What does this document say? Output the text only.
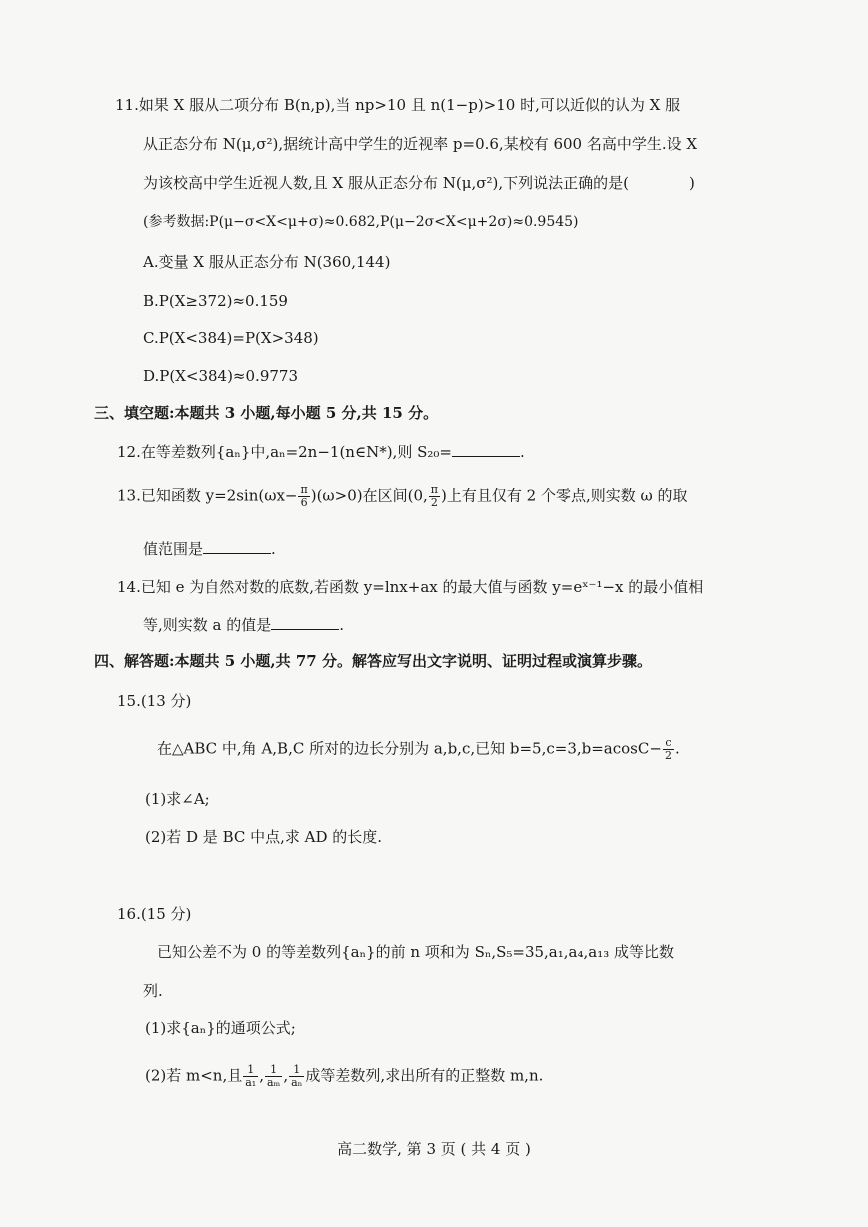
11.如果 X 服从二项分布 B(n,p),当 np>10 且 n(1−p)>10 时,可以近似的认为 X 服
从正态分布 N(μ,σ²),据统计高中学生的近视率 p=0.6,某校有 600 名高中学生.设 X
为该校高中学生近视人数,且 X 服从正态分布 N(μ,σ²),下列说法正确的是(　　　　)
(参考数据:P(μ−σ<X<μ+σ)≈0.682,P(μ−2σ<X<μ+2σ)≈0.9545)
A.变量 X 服从正态分布 N(360,144)
B.P(X≥372)≈0.159
C.P(X<384)=P(X>348)
D.P(X<384)≈0.9773
三、填空题:本题共 3 小题,每小题 5 分,共 15 分。
12.在等差数列{aₙ}中,aₙ=2n−1(n∈N*),则 S₂₀=	.
13.已知函数 $y=2\sin(\omega x- \frac{\pi}{6} )(\omega>0)$在区间(0, $\frac{\pi}{2}$ )上有且仅有 2 个零点,则实数 ω 的取
值范围是	.
14.已知 e 为自然对数的底数,若函数 y=lnx+ax 的最大值与函数 y=eˣ⁻¹−x 的最小值相
等,则实数 a 的值是	.
四、解答题:本题共 5 小题,共 77 分。解答应写出文字说明、证明过程或演算步骤。
15.(13 分)
在△ABC 中,角 A,B,C 所对的边长分别为 a,b,c,已知 $b=5,c=3,b=acosC- \frac{c}{2}$ .
(1)求∠A;
(2)若 D 是 BC 中点,求 AD 的长度.
16.(15 分)
已知公差不为 0 的等差数列{aₙ}的前 n 项和为 Sₙ,S₅=35,a₁,a₄,a₁₃ 成等比数
列.
(1)求{aₙ}的通项公式;
(2)若 m<n,且 $\frac{1}{\text{a₁}}$ , $\frac{1}{\text{aₘ}}$ , $\frac{1}{\text{aₙ}}$ 成等差数列,求出所有的正整数 m,n.
高二数学, 第 3 页 ( 共 4 页 )
